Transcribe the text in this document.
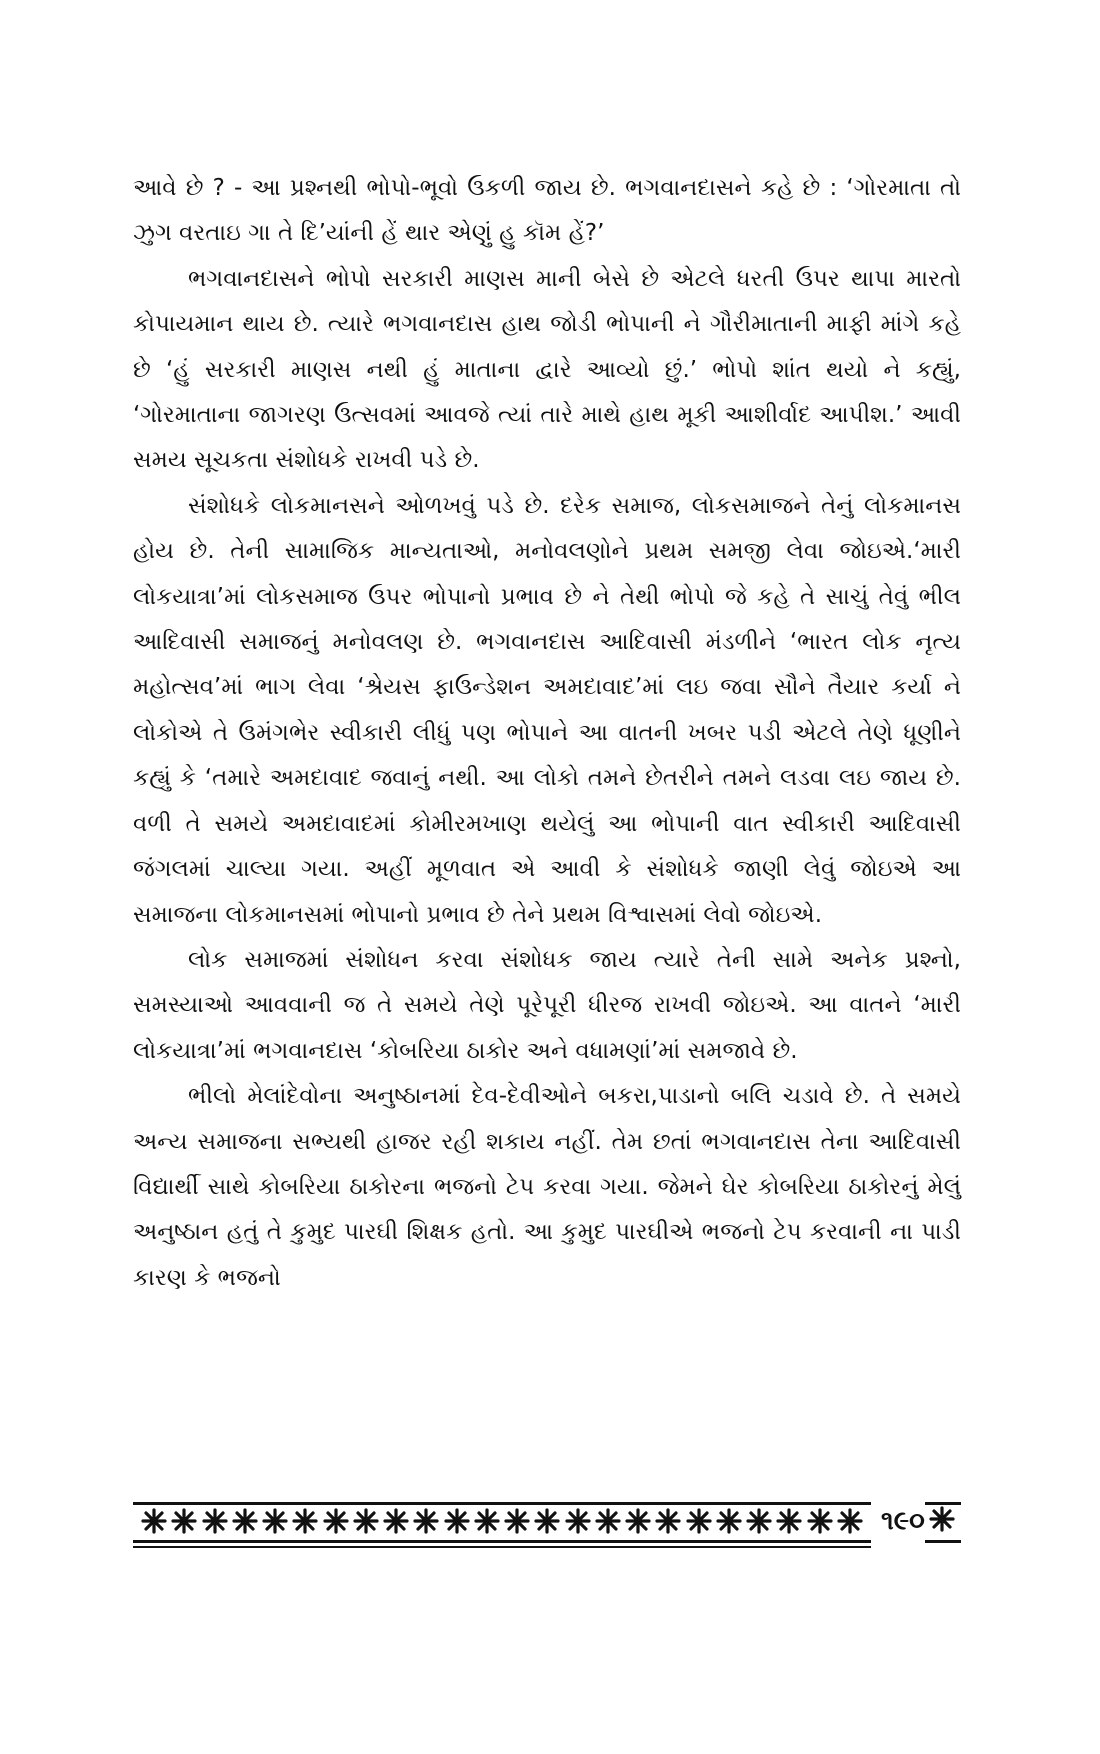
આવે છે ? - આ પ્રશ્નથી ભોપો-ભૂવો ઉકળી જાય છે. ભગવાનદાસને કહે છે : ‘ગોરમાતા તો ઝુગ વરતાઇ ગા તે દિ’યાંની હેં થાર એણું હુ કૉમ હેં?’

ભગવાનદાસને ભોપો સરકારી માણસ માની બેસે છે એટલે ધરતી ઉપર થાપા મારતો કોપાયમાન થાય છે. ત્યારે ભગવાનદાસ હાથ જોડી ભોપાની ને ગૌરીમાતાની માફી માંગે કહે છે ‘હું સરકારી માણસ નથી હું માતાના દ્વારે આવ્યો છું.’ ભોપો શાંત થયો ને કહ્યું, ‘ગોરમાતાના જાગરણ ઉત્સવમાં આવજે ત્યાં તારે માથે હાથ મૂકી આશીર્વાદ આપીશ.’ આવી સમય સૂચકતા સંશોધકે રાખવી પડે છે.

સંશોધકે લોકમાનસને ઓળખવું પડે છે. દરેક સમાજ, લોકસમાજને તેનું લોકમાનસ હોય છે. તેની સામાજિક માન્યતાઓ, મનોવલણોને પ્રથમ સમજી લેવા જોઇએ.‘મારી લોકયાત્રા’માં લોકસમાજ ઉપર ભોપાનો પ્રભાવ છે ને તેથી ભોપો જે કહે તે સાચું તેવું ભીલ આદિવાસી સમાજનું મનોવલણ છે. ભગવાનદાસ આદિવાસી મંડળીને ‘ભારત લોક નૃત્ય મહોત્સવ’માં ભાગ લેવા ‘શ્રેયસ ફાઉન્ડેશન અમદાવાદ’માં લઇ જવા સૌને તૈયાર કર્યા ને લોકોએ તે ઉમંગભેર સ્વીકારી લીધું પણ ભોપાને આ વાતની ખબર પડી એટલે તેણે ધૂણીને કહ્યું કે ‘તમારે અમદાવાદ જવાનું નથી. આ લોકો તમને છેતરીને તમને લડવા લઇ જાય છે. વળી તે સમયે અમદાવાદમાં કોમીરમખાણ થયેલું આ ભોપાની વાત સ્વીકારી આદિવાસી જંગલમાં ચાલ્યા ગયા. અહીં મૂળવાત એ આવી કે સંશોધકે જાણી લેવું જોઇએ આ સમાજના લોકમાનસમાં ભોપાનો પ્રભાવ છે તેને પ્રથમ વિશ્વાસમાં લેવો જોઇએ.

લોક સમાજમાં સંશોધન કરવા સંશોધક જાય ત્યારે તેની સામે અનેક પ્રશ્નો, સમસ્યાઓ આવવાની જ તે સમયે તેણે પૂરેપૂરી ધીરજ રાખવી જોઇએ. આ વાતને ‘મારી લોકયાત્રા’માં ભગવાનદાસ ‘કોબરિયા ઠાકોર અને વધામણાં’માં સમજાવે છે.

ભીલો મેલાંદેવોના અનુષ્ઠાનમાં દેવ-દેવીઓને બકરા,પાડાનો બલિ ચડાવે છે. તે સમયે અન્ય સમાજના સભ્યથી હાજર રહી શકાય નહીં. તેમ છતાં ભગવાનદાસ તેના આદિવાસી વિદ્યાર્થી સાથે કોબરિયા ઠાકોરના ભજનો ટેપ કરવા ગયા. જેમને ઘેર કોબરિયા ઠાકોરનું મેલું અનુષ્ઠાન હતું તે કુમુદ પારઘી શિક્ષક હતો. આ કુમુદ પારઘીએ ભજનો ટેપ કરવાની ના પાડી કારણ કે ભજનો

૧૯૦
